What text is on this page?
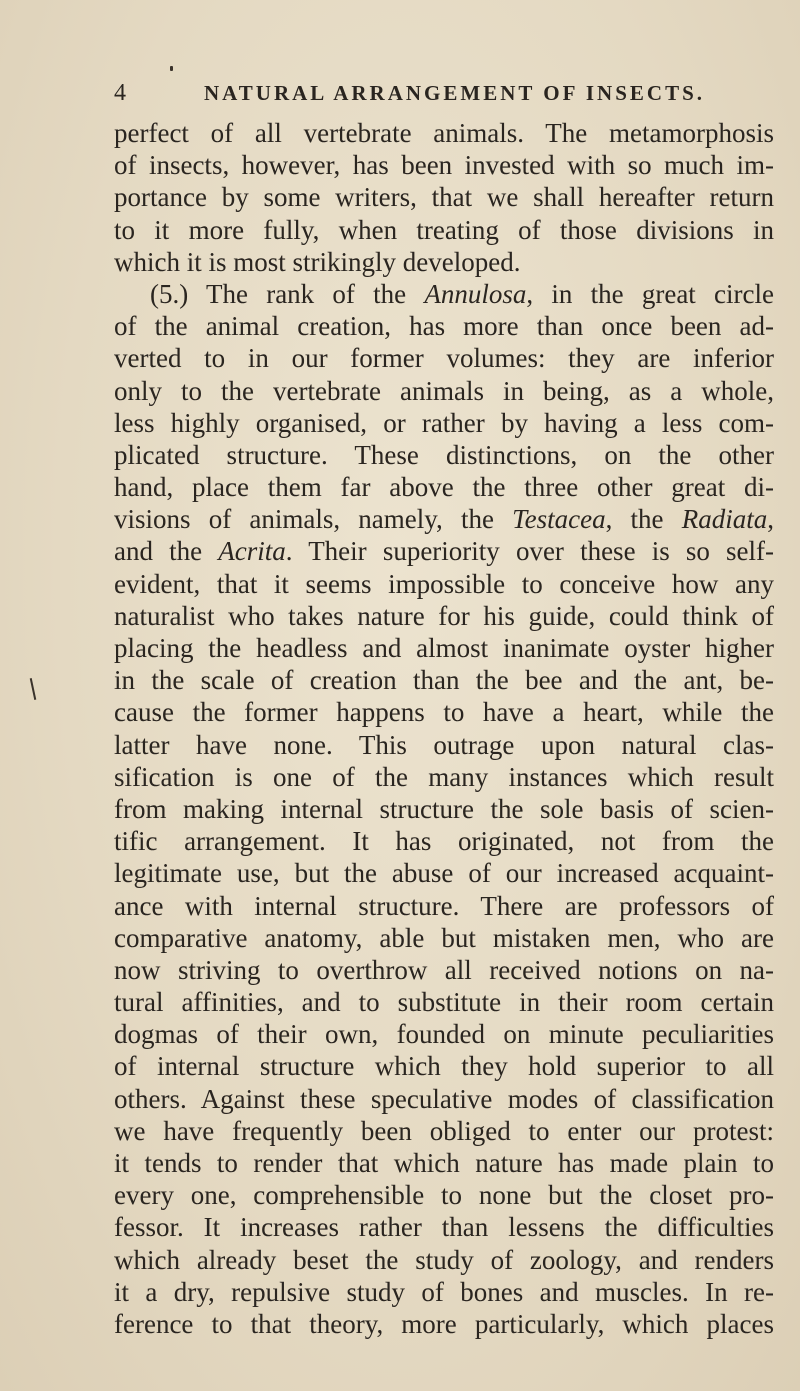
4	NATURAL ARRANGEMENT OF INSECTS.
perfect of all vertebrate animals. The metamorphosis
of insects, however, has been invested with so much im-
portance by some writers, that we shall hereafter return
to it more fully, when treating of those divisions in
which it is most strikingly developed.
(5.) The rank of the Annulosa, in the great circle
of the animal creation, has more than once been ad-
verted to in our former volumes: they are inferior
only to the vertebrate animals in being, as a whole,
less highly organised, or rather by having a less com-
plicated structure. These distinctions, on the other
hand, place them far above the three other great di-
visions of animals, namely, the Testacea, the Radiata,
and the Acrita. Their superiority over these is so self-
evident, that it seems impossible to conceive how any
naturalist who takes nature for his guide, could think of
placing the headless and almost inanimate oyster higher
in the scale of creation than the bee and the ant, be-
cause the former happens to have a heart, while the
latter have none. This outrage upon natural clas-
sification is one of the many instances which result
from making internal structure the sole basis of scien-
tific arrangement. It has originated, not from the
legitimate use, but the abuse of our increased acquaint-
ance with internal structure. There are professors of
comparative anatomy, able but mistaken men, who are
now striving to overthrow all received notions on na-
tural affinities, and to substitute in their room certain
dogmas of their own, founded on minute peculiarities
of internal structure which they hold superior to all
others. Against these speculative modes of classification
we have frequently been obliged to enter our protest:
it tends to render that which nature has made plain to
every one, comprehensible to none but the closet pro-
fessor. It increases rather than lessens the difficulties
which already beset the study of zoology, and renders
it a dry, repulsive study of bones and muscles. In re-
ference to that theory, more particularly, which places
